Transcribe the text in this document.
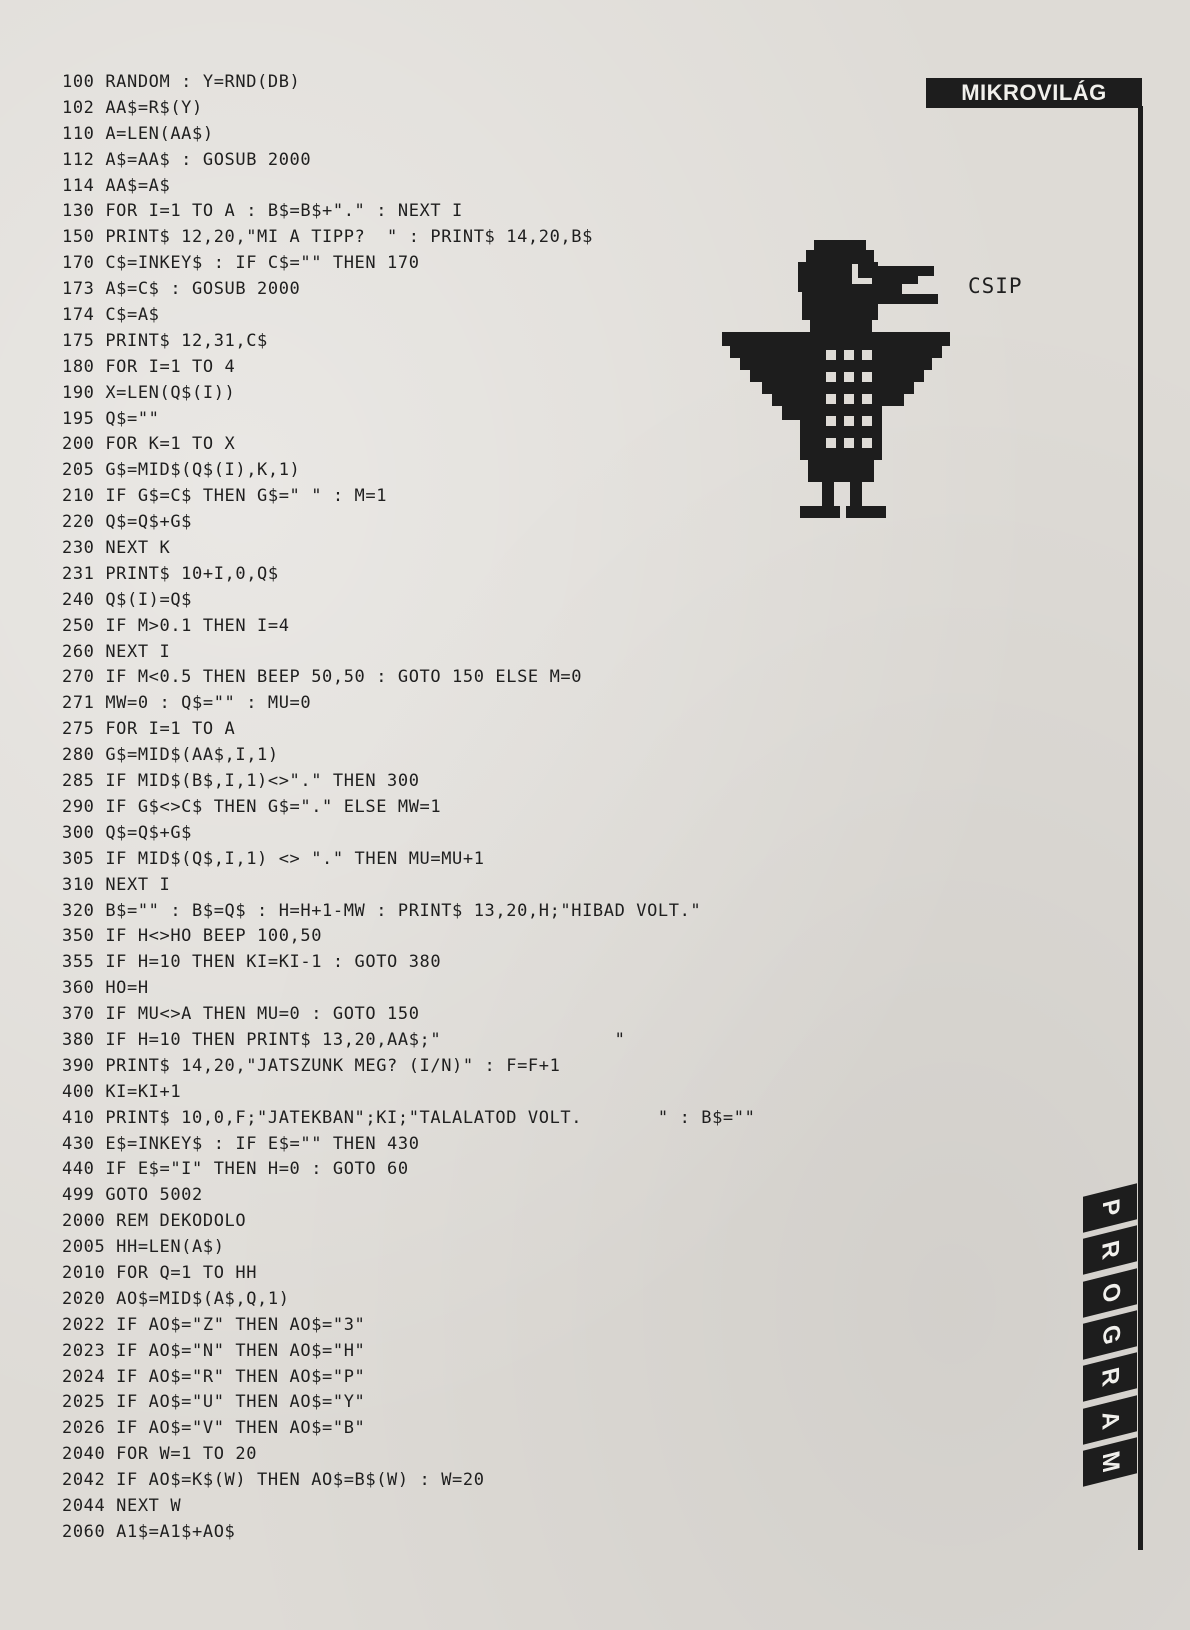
MIKROVILÁG
CSIP
100 RANDOM : Y=RND(DB)
102 AA$=R$(Y)
110 A=LEN(AA$)
112 A$=AA$ : GOSUB 2000
114 AA$=A$
130 FOR I=1 TO A : B$=B$+"." : NEXT I
150 PRINT$ 12,20,"MI A TIPP?  " : PRINT$ 14,20,B$
170 C$=INKEY$ : IF C$="" THEN 170
173 A$=C$ : GOSUB 2000
174 C$=A$
175 PRINT$ 12,31,C$
180 FOR I=1 TO 4
190 X=LEN(Q$(I))
195 Q$=""
200 FOR K=1 TO X
205 G$=MID$(Q$(I),K,1)
210 IF G$=C$ THEN G$=" " : M=1
220 Q$=Q$+G$
230 NEXT K
231 PRINT$ 10+I,0,Q$
240 Q$(I)=Q$
250 IF M>0.1 THEN I=4
260 NEXT I
270 IF M<0.5 THEN BEEP 50,50 : GOTO 150 ELSE M=0
271 MW=0 : Q$="" : MU=0
275 FOR I=1 TO A
280 G$=MID$(AA$,I,1)
285 IF MID$(B$,I,1)<>"." THEN 300
290 IF G$<>C$ THEN G$="." ELSE MW=1
300 Q$=Q$+G$
305 IF MID$(Q$,I,1) <> "." THEN MU=MU+1
310 NEXT I
320 B$="" : B$=Q$ : H=H+1-MW : PRINT$ 13,20,H;"HIBAD VOLT."
350 IF H<>HO BEEP 100,50
355 IF H=10 THEN KI=KI-1 : GOTO 380
360 HO=H
370 IF MU<>A THEN MU=0 : GOTO 150
380 IF H=10 THEN PRINT$ 13,20,AA$;"                "
390 PRINT$ 14,20,"JATSZUNK MEG? (I/N)" : F=F+1
400 KI=KI+1
410 PRINT$ 10,0,F;"JATEKBAN";KI;"TALALATOD VOLT.       " : B$=""
430 E$=INKEY$ : IF E$="" THEN 430
440 IF E$="I" THEN H=0 : GOTO 60
499 GOTO 5002
2000 REM DEKODOLO
2005 HH=LEN(A$)
2010 FOR Q=1 TO HH
2020 AO$=MID$(A$,Q,1)
2022 IF AO$="Z" THEN AO$="3"
2023 IF AO$="N" THEN AO$="H"
2024 IF AO$="R" THEN AO$="P"
2025 IF AO$="U" THEN AO$="Y"
2026 IF AO$="V" THEN AO$="B"
2040 FOR W=1 TO 20
2042 IF AO$=K$(W) THEN AO$=B$(W) : W=20
2044 NEXT W
2060 A1$=A1$+AO$
P
R
O
G
R
A
M
